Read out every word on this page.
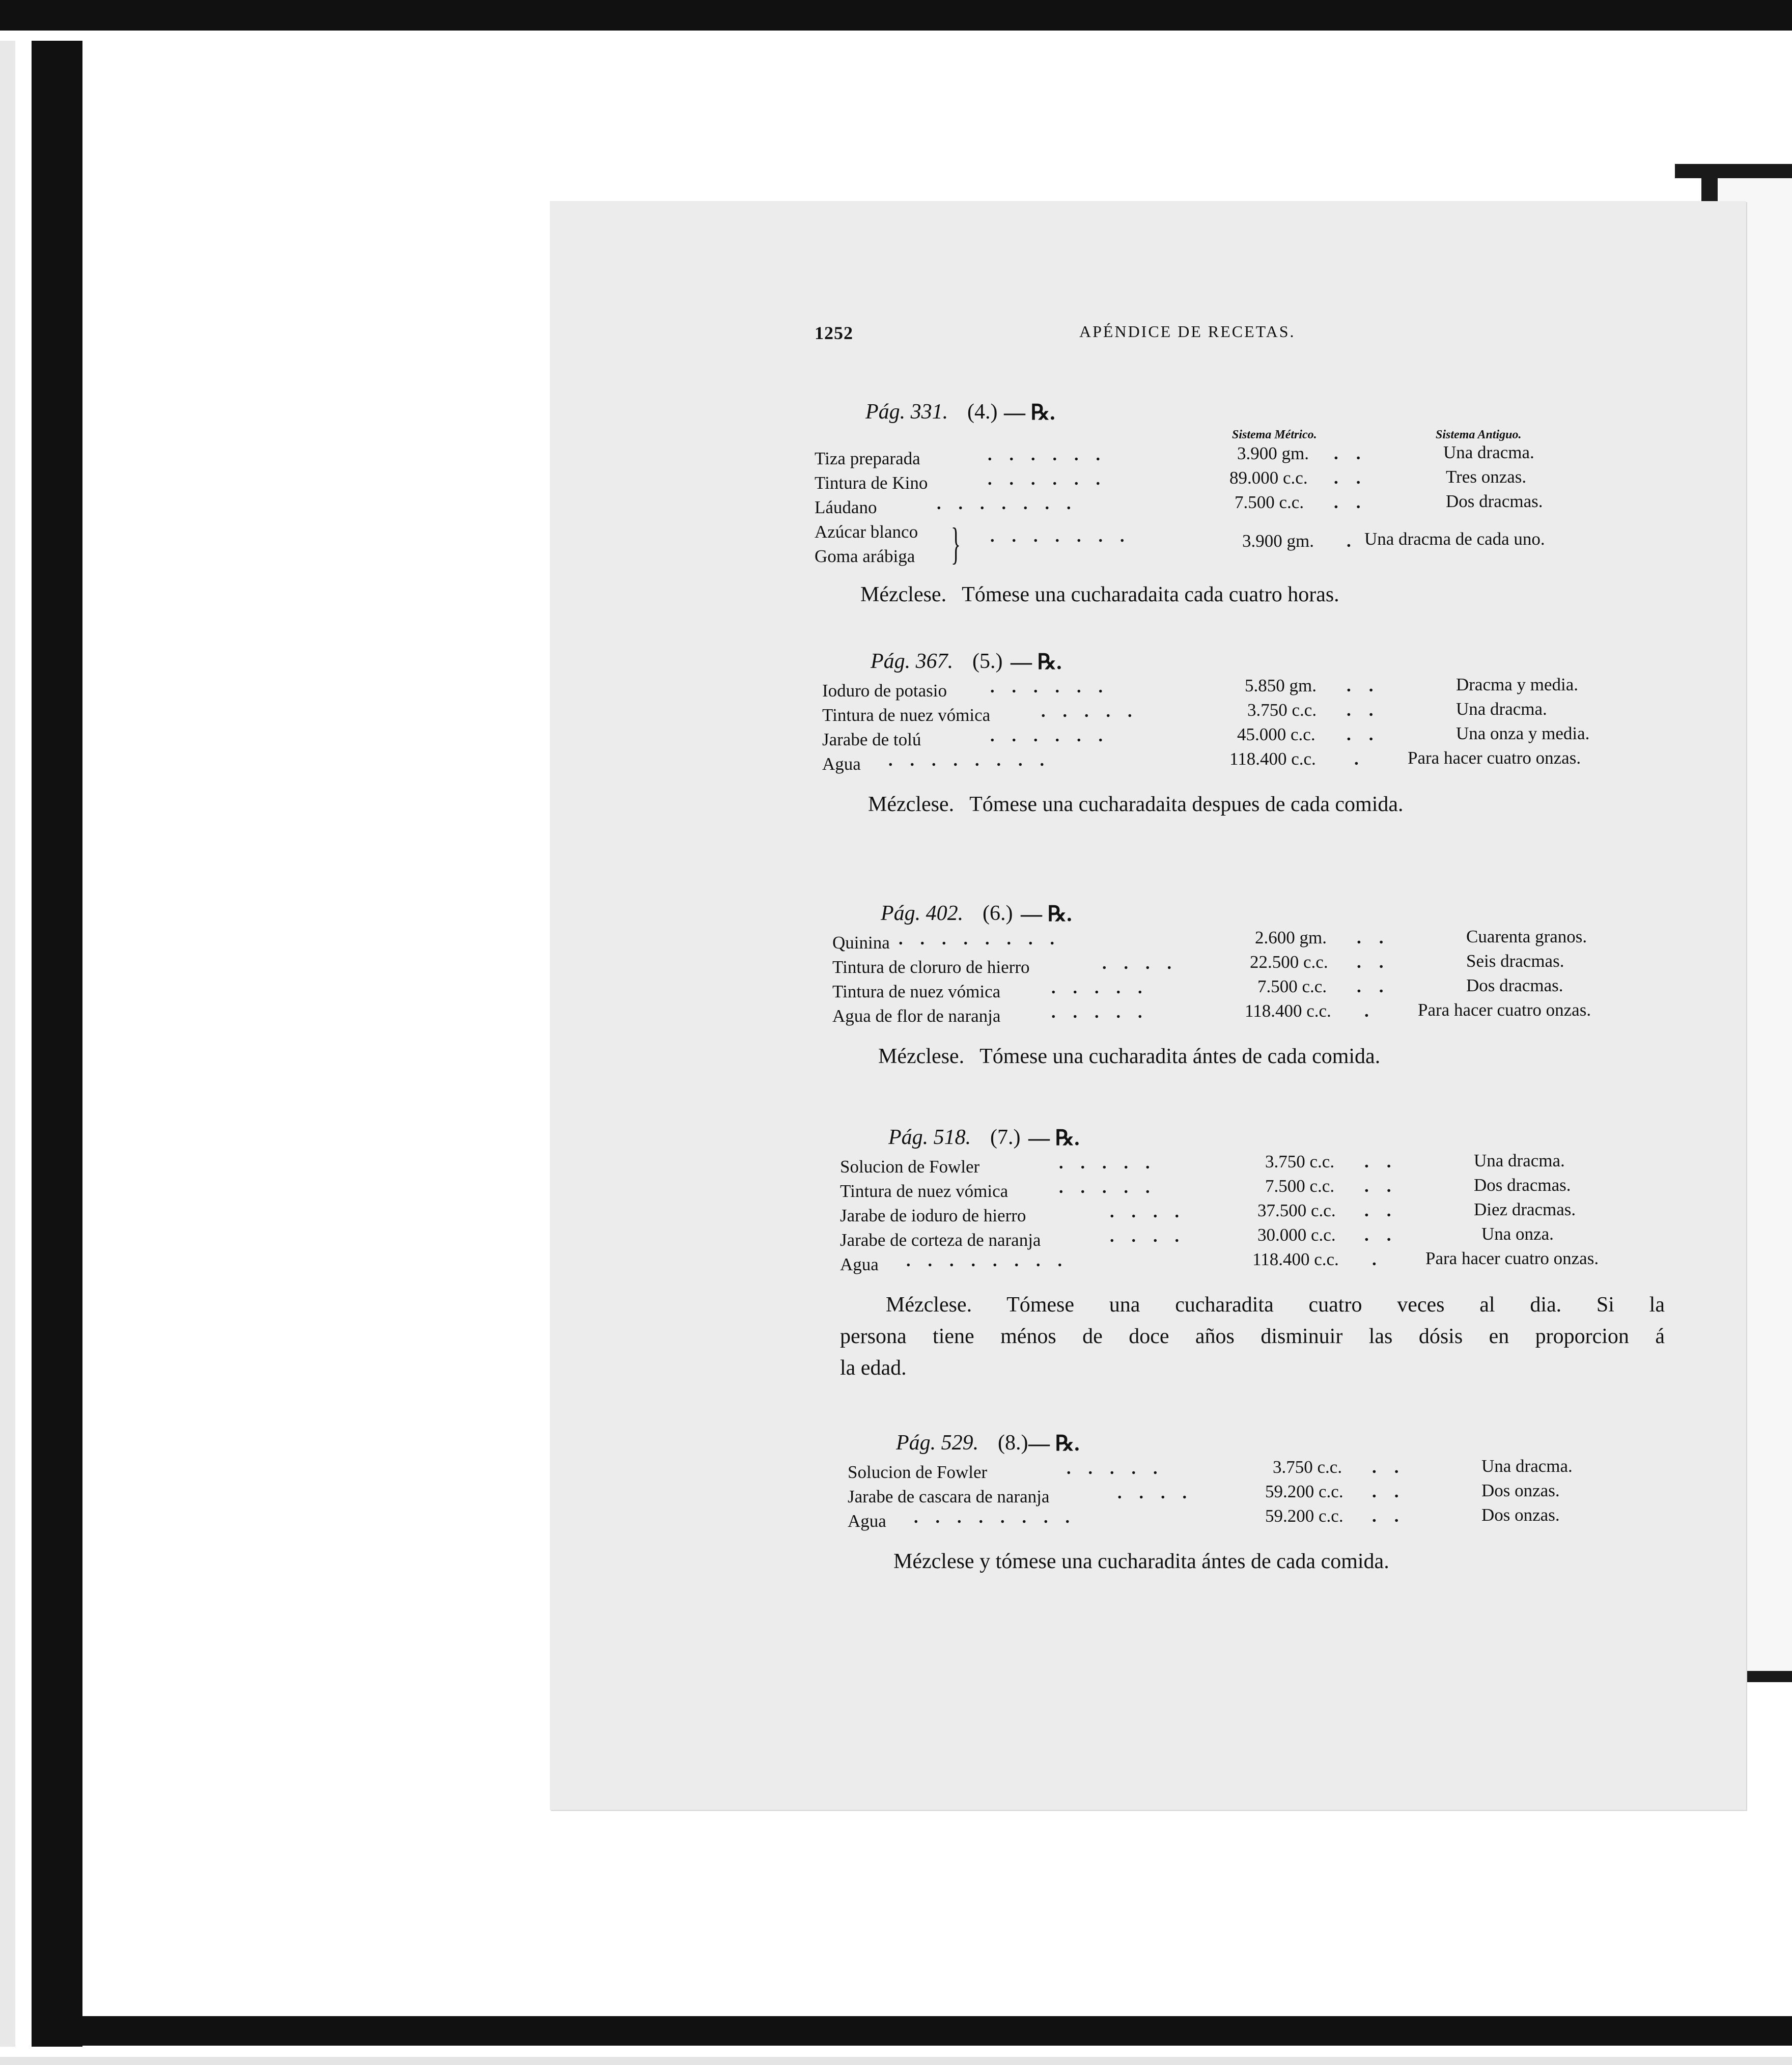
1252	APÉNDICE DE RECETAS.
Pág. 331. (4.) — ℞.
Sistema Métrico.	Sistema Antiguo.
Tiza preparada	......	3.900 gm. .    .	Una dracma.
Tintura de Kino	......	89.000 c.c. .    .	Tres onzas.
Láudano	.......	7.500 c.c. .    .	Dos dracmas.
Azúcar blanco
Goma arábiga } .......	3.900 gm. . Una dracma de cada uno.
Mézclese. Tómese una cucharadaita cada cuatro horas.
Pág. 367. (5.) — ℞.
Ioduro de potasio	......	5.850 gm. .    .	Dracma y media.
Tintura de nuez vómica	.....	3.750 c.c. .    .	Una dracma.
Jarabe de tolú	......	45.000 c.c. .    .	Una onza y media.
Agua ........	118.400 c.c. .	Para hacer cuatro onzas.
Mézclese. Tómese una cucharadaita despues de cada comida.
Pág. 402. (6.) — ℞.
Quinina ........	2.600 gm. .    .	Cuarenta granos.
Tintura de cloruro de hierro	....	22.500 c.c. .    .	Seis dracmas.
Tintura de nuez vómica	.....	7.500 c.c. .    .	Dos dracmas.
Agua de flor de naranja	.....	118.400 c.c. .	Para hacer cuatro onzas.
Mézclese. Tómese una cucharadita ántes de cada comida.
Pág. 518. (7.) — ℞.
Solucion de Fowler	.....	3.750 c.c. .    .	Una dracma.
Tintura de nuez vómica	.....	7.500 c.c. .    .	Dos dracmas.
Jarabe de ioduro de hierro	....	37.500 c.c. .    .	Diez dracmas.
Jarabe de corteza de naranja	....	30.000 c.c. .    .	Una onza.
Agua ........	118.400 c.c. .	Para hacer cuatro onzas.
Mézclese. Tómese una cucharadita cuatro veces al dia. Si la
persona tiene ménos de doce años disminuir las dósis en proporcion á
la edad.
Pág. 529. (8.) — ℞.
Solucion de Fowler	.....	3.750 c.c. .    .	Una dracma.
Jarabe de cascara de naranja	....	59.200 c.c. .    .	Dos onzas.
Agua ........	59.200 c.c. .    .	Dos onzas.
Mézclese y tómese una cucharadita ántes de cada comida.
